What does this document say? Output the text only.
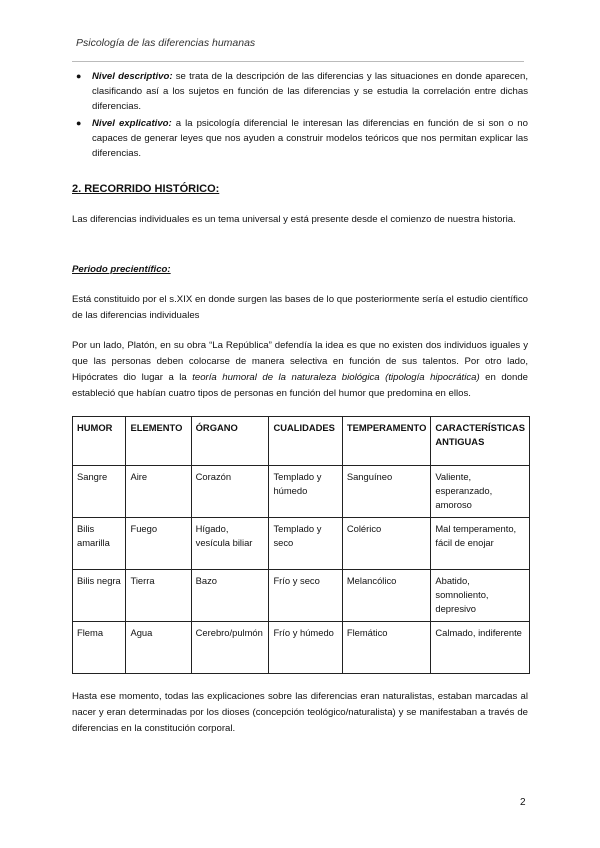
Psicología de las diferencias humanas
● Nivel descriptivo: se trata de la descripción de las diferencias y las situaciones en donde aparecen, clasificando así a los sujetos en función de las diferencias y se estudia la correlación entre dichas diferencias.
● Nivel explicativo: a la psicología diferencial le interesan las diferencias en función de si son o no capaces de generar leyes que nos ayuden a construir modelos teóricos que nos permitan explicar las diferencias.
2. RECORRIDO HISTÓRICO:

Las diferencias individuales es un tema universal y está presente desde el comienzo de nuestra historia.

Periodo precientífico:

Está constituido por el s.XIX en donde surgen las bases de lo que posteriormente sería el estudio científico de las diferencias individuales

Por un lado, Platón, en su obra “La República” defendía la idea es que no existen dos individuos iguales y que las personas deben colocarse de manera selectiva en función de sus talentos. Por otro lado, Hipócrates dio lugar a la teoría humoral de la naturaleza biológica (tipología hipocrática) en donde estableció que habían cuatro tipos de personas en función del humor que predomina en ellos.

HUMOR	ELEMENTO	ÓRGANO	CUALIDADES	TEMPERAMENTO	CARACTERÍSTICAS ANTIGUAS
Sangre	Aire	Corazón	Templado y húmedo	Sanguíneo	Valiente, esperanzado, amoroso
Bilis amarilla	Fuego	Hígado, vesícula biliar	Templado y seco	Colérico	Mal temperamento, fácil de enojar
Bilis negra	Tierra	Bazo	Frío y seco	Melancólico	Abatido, somnoliento, depresivo
Flema	Agua	Cerebro/pulmón	Frío y húmedo	Flemático	Calmado, indiferente

Hasta ese momento, todas las explicaciones sobre las diferencias eran naturalistas, estaban marcadas al nacer y eran determinadas por los dioses (concepción teológico/naturalista) y se manifestaban a través de diferencias en la constitución corporal.

2
